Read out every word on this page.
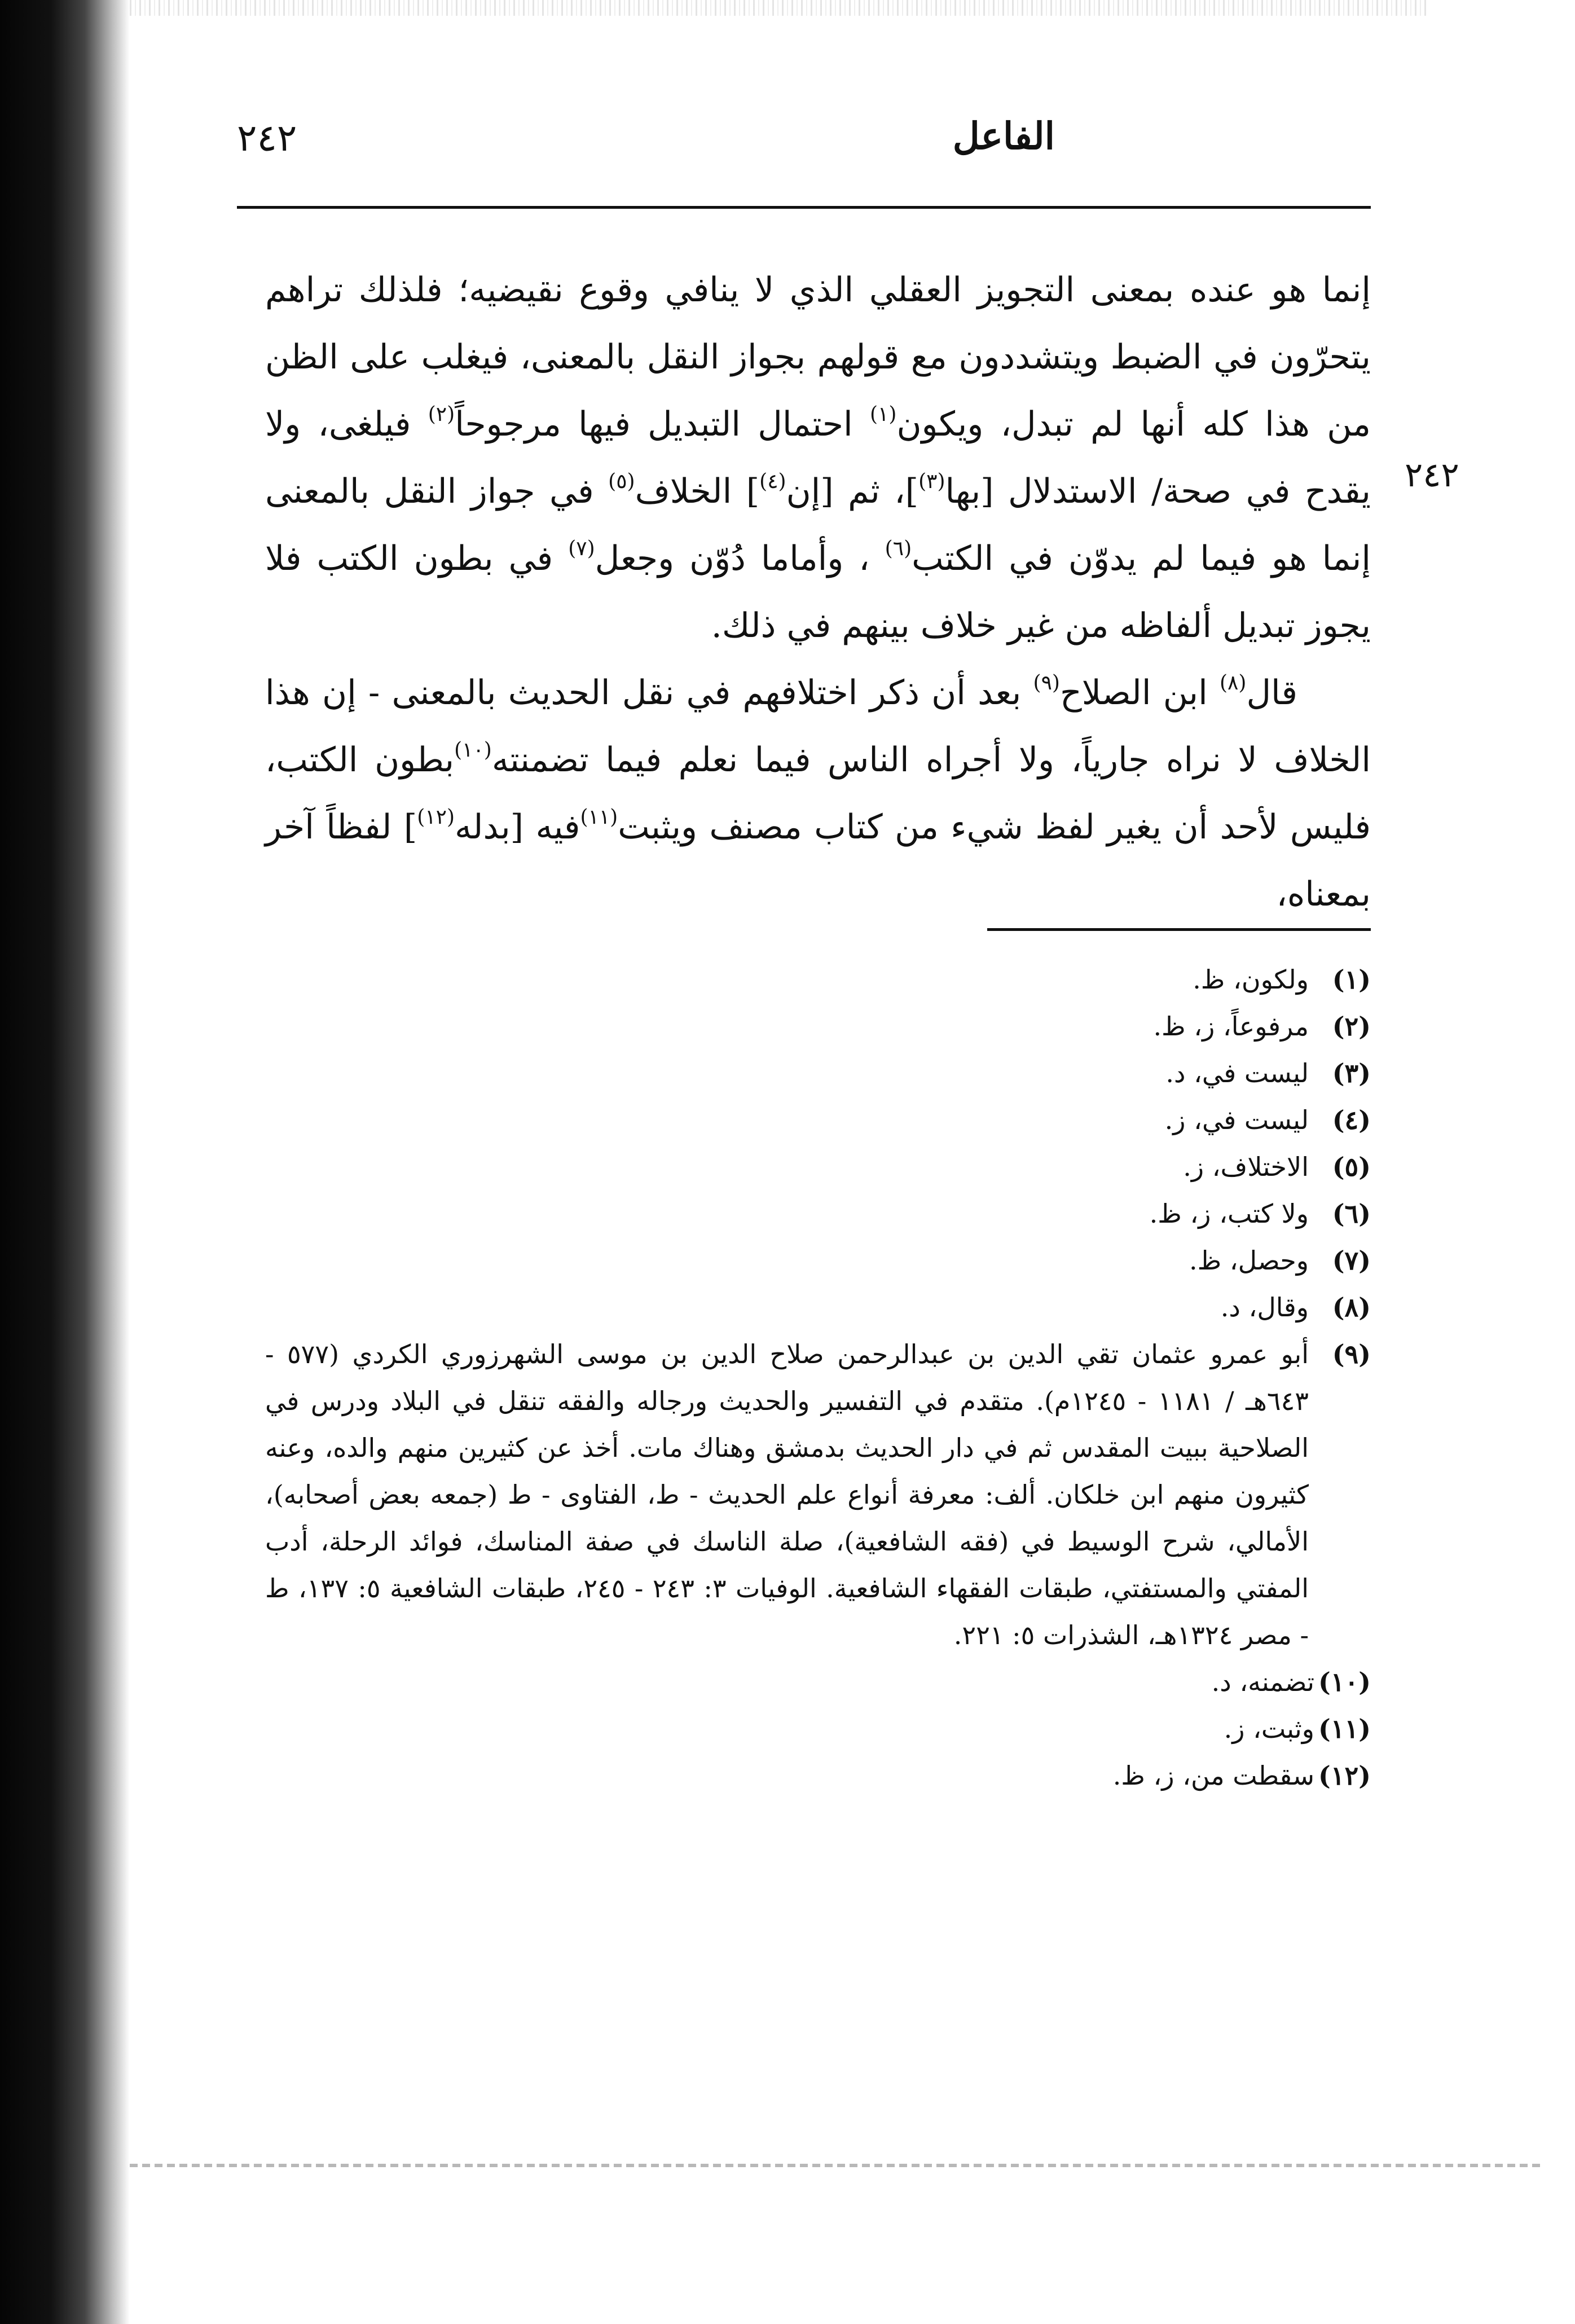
الفاعل
٢٤٢
٢٤٢

إنما هو عنده بمعنى التجويز العقلي الذي لا ينافي وقوع نقيضيه؛ فلذلك تراهم يتحرّون في الضبط ويتشددون مع قولهم بجواز النقل بالمعنى، فيغلب على الظن من هذا كله أنها لم تبدل، ويكون$^{(١)}$ احتمال التبديل فيها مرجوحاً$^{(٢)}$ فيلغى، ولا يقدح في صحة/ الاستدلال [بها$^{(٣)}$]، ثم [إن$^{(٤)}$] الخلاف$^{(٥)}$ في جواز النقل بالمعنى إنما هو فيما لم يدوّن في الكتب$^{(٦)}$ ، وأماما دُوّن وجعل$^{(٧)}$ في بطون الكتب فلا يجوز تبديل ألفاظه من غير خلاف بينهم في ذلك.

قال$^{(٨)}$ ابن الصلاح$^{(٩)}$ بعد أن ذكر اختلافهم في نقل الحديث بالمعنى - إن هذا الخلاف لا نراه جارياً، ولا أجراه الناس فيما نعلم فيما تضمنته$^{(١٠)}$بطون الكتب، فليس لأحد أن يغير لفظ شيء من كتاب مصنف ويثبت$^{(١١)}$فيه [بدله$^{(١٢)}$] لفظاً آخر بمعناه،

(١)
ولكون، ظ.
(٢)
مرفوعاً، ز، ظ.
(٣)
ليست في، د.
(٤)
ليست في، ز.
(٥)
الاختلاف، ز.
(٦)
ولا كتب، ز، ظ.
(٧)
وحصل، ظ.
(٨)
وقال، د.
(٩)
أبو عمرو عثمان تقي الدين بن عبدالرحمن صلاح الدين بن موسى الشهرزوري الكردي (٥٧٧ - ٦٤٣هـ / ١١٨١ - ١٢٤٥م). متقدم في التفسير والحديث ورجاله والفقه تنقل في البلاد ودرس في الصلاحية ببيت المقدس ثم في دار الحديث بدمشق وهناك مات. أخذ عن كثيرين منهم والده، وعنه كثيرون منهم ابن خلكان. ألف: معرفة أنواع علم الحديث - ط، الفتاوى - ط (جمعه بعض أصحابه)، الأمالي، شرح الوسيط في (فقه الشافعية)، صلة الناسك في صفة المناسك، فوائد الرحلة، أدب المفتي والمستفتي، طبقات الفقهاء الشافعية. الوفيات ٣: ٢٤٣ - ٢٤٥، طبقات الشافعية ٥: ١٣٧، ط - مصر ١٣٢٤هـ، الشذرات ٥: ٢٢١.
(١٠)
تضمنه، د.
(١١)
وثبت، ز.
(١٢)
سقطت من، ز، ظ.
